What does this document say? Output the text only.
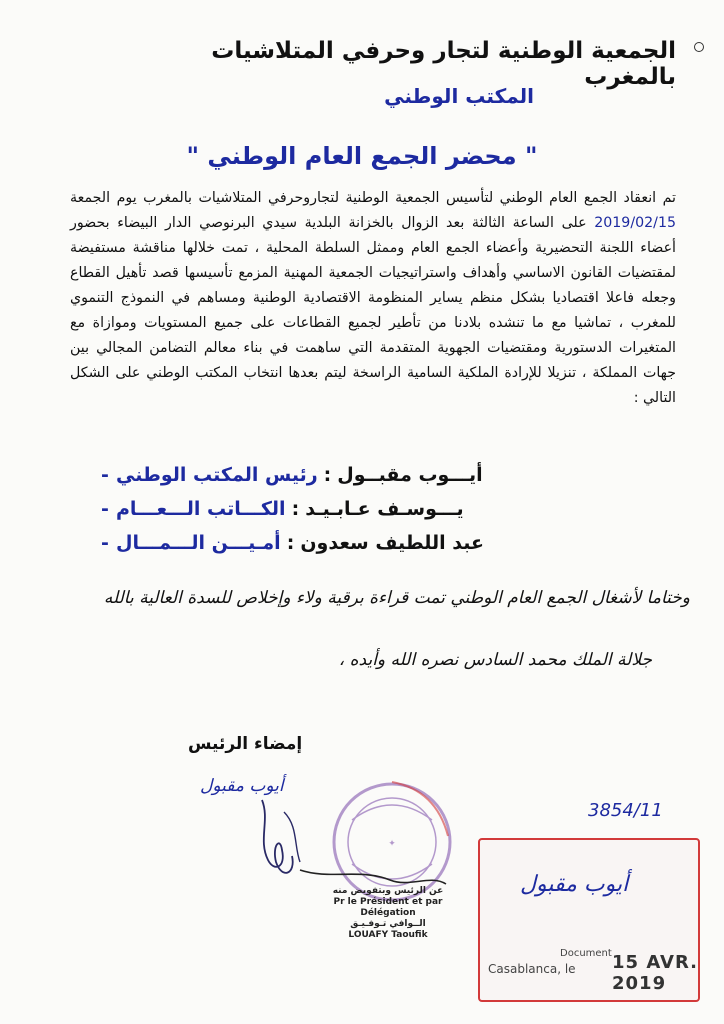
الجمعية الوطنية لتجار وحرفي المتلاشيات بالمغرب
المكتب الوطني
" محضر الجمع العام الوطني "
تم انعقاد الجمع العام الوطني لتأسيس الجمعية الوطنية لتجاروحرفي المتلاشيات بالمغرب يوم الجمعة 2019/02/15 على الساعة الثالثة بعد الزوال بالخزانة البلدية سيدي البرنوصي الدار البيضاء بحضور أعضاء اللجنة التحضيرية وأعضاء الجمع العام وممثل السلطة المحلية ، تمت خلالها مناقشة مستفيضة لمقتضيات القانون الاساسي وأهداف واستراتيجيات الجمعية المهنية المزمع تأسيسها قصد تأهيل القطاع وجعله فاعلا اقتصاديا بشكل منظم يساير المنظومة الاقتصادية الوطنية ومساهم في النموذج التنموي للمغرب ، تماشيا مع ما تنشده بلادنا من تأطير لجميع القطاعات على جميع المستويات وموازاة مع المتغيرات الدستورية ومقتضيات الجهوية المتقدمة التي ساهمت في بناء معالم التضامن المجالي بين جهات المملكة ، تنزيلا للإرادة الملكية السامية الراسخة ليتم بعدها انتخاب المكتب الوطني على الشكل التالي :
- رئيس المكتب الوطني : أيـــوب مقبــول
- الكـــاتب الـــعـــام : يـــوسـف عـابـيـد
- أمـيـــن الـــمـــال : عبد اللطيف سعدون
وختاما لأشغال الجمع العام الوطني تمت قراءة برقية ولاء وإخلاص للسدة العالية بالله
جلالة الملك محمد السادس نصره الله وأيده ،
إمضاء الرئيس
أيوب مقبول
✦
عن الرئيس وبتفويض منه
Pr le Président et par Délégation
الــوافي تـوفـيـق
LOUAFY Taoufik
3854/11
أيوب مقبول
Document
Casablanca, le 15 AVR. 2019
